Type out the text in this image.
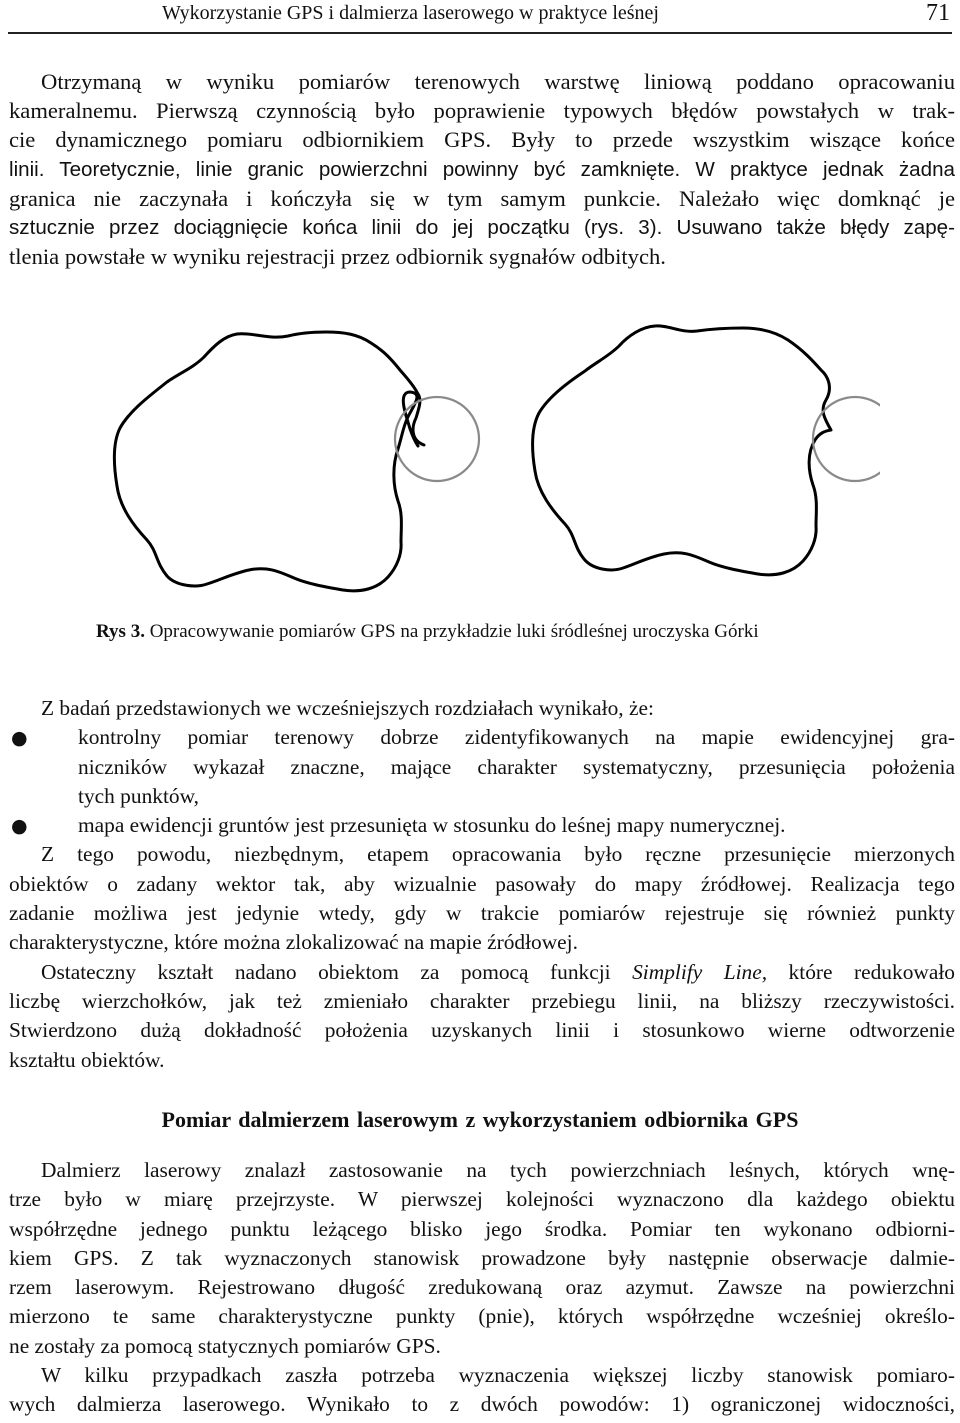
Wykorzystanie GPS i dalmierza laserowego w praktyce leśnej	71
Otrzymaną w wyniku pomiarów terenowych warstwę liniową poddano opracowaniu
kameralnemu. Pierwszą czynnością było poprawienie typowych błędów powstałych w trak-
cie dynamicznego pomiaru odbiornikiem GPS. Były to przede wszystkim wiszące końce
linii. Teoretycznie, linie granic powierzchni powinny być zamknięte. W praktyce jednak żadna
granica nie zaczynała i kończyła się w tym samym punkcie. Należało więc domknąć je
sztucznie przez dociągnięcie końca linii do jej początku (rys. 3). Usuwano także błędy zapę-
tlenia powstałe w wyniku rejestracji przez odbiornik sygnałów odbitych.
Rys 3. Opracowywanie pomiarów GPS na przykładzie luki śródleśnej uroczyska Górki
Z badań przedstawionych we wcześniejszych rozdziałach wynikało, że:
● kontrolny pomiar terenowy dobrze zidentyfikowanych na mapie ewidencyjnej gra-
niczników wykazał znaczne, mające charakter systematyczny, przesunięcia położenia
tych punktów,
● mapa ewidencji gruntów jest przesunięta w stosunku do leśnej mapy numerycznej.
Z tego powodu, niezbędnym, etapem opracowania było ręczne przesunięcie mierzonych
obiektów o zadany wektor tak, aby wizualnie pasowały do mapy źródłowej. Realizacja tego
zadanie możliwa jest jedynie wtedy, gdy w trakcie pomiarów rejestruje się również punkty
charakterystyczne, które można zlokalizować na mapie źródłowej.
Ostateczny kształt nadano obiektom za pomocą funkcji Simplify Line, które redukowało
liczbę wierzchołków, jak też zmieniało charakter przebiegu linii, na bliższy rzeczywistości.
Stwierdzono dużą dokładność położenia uzyskanych linii i stosunkowo wierne odtworzenie
kształtu obiektów.
Pomiar dalmierzem laserowym z wykorzystaniem odbiornika GPS
Dalmierz laserowy znalazł zastosowanie na tych powierzchniach leśnych, których wnę-
trze było w miarę przejrzyste. W pierwszej kolejności wyznaczono dla każdego obiektu
współrzędne jednego punktu leżącego blisko jego środka. Pomiar ten wykonano odbiorni-
kiem GPS. Z tak wyznaczonych stanowisk prowadzone były następnie obserwacje dalmie-
rzem laserowym. Rejestrowano długość zredukowaną oraz azymut. Zawsze na powierzchni
mierzono te same charakterystyczne punkty (pnie), których współrzędne wcześniej określo-
ne zostały za pomocą statycznych pomiarów GPS.
W kilku przypadkach zaszła potrzeba wyznaczenia większej liczby stanowisk pomiaro-
wych dalmierza laserowego. Wynikało to z dwóch powodów: 1) ograniczonej widoczności,
